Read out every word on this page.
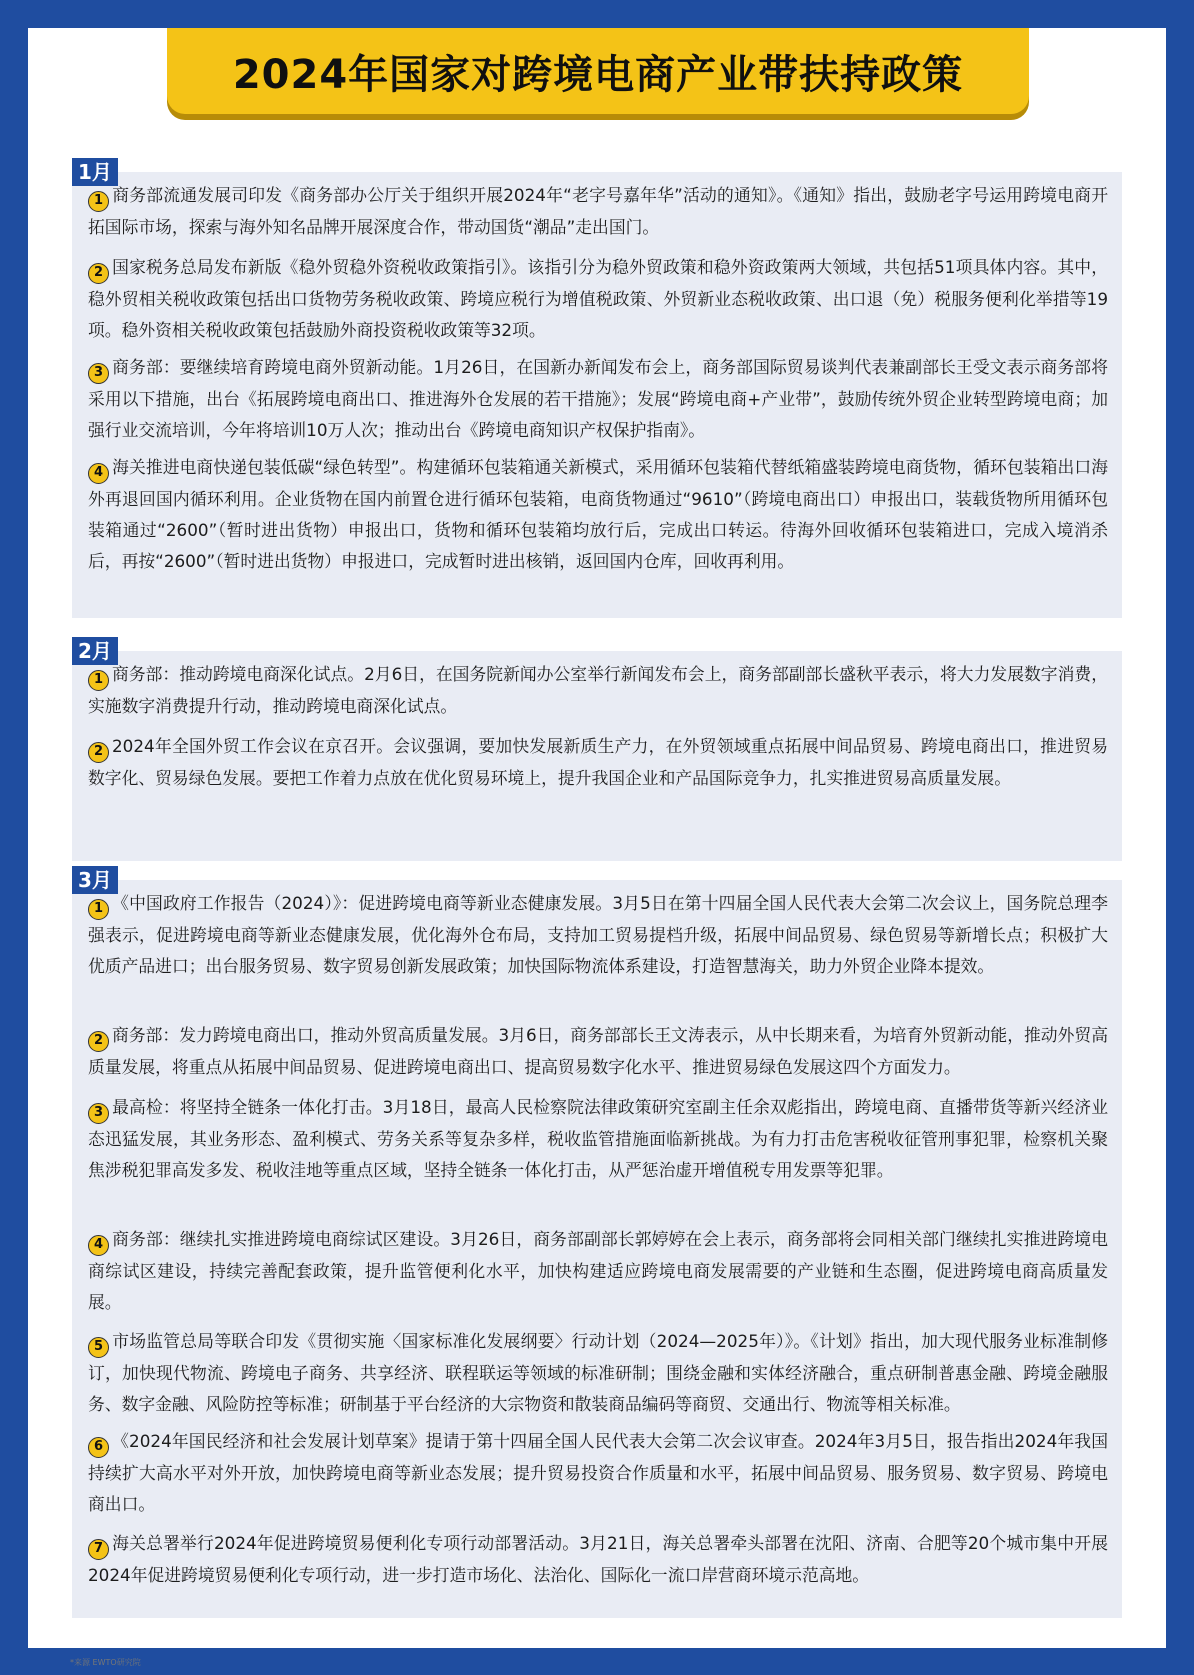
2024年国家对跨境电商产业带扶持政策
1月
1 商务部流通发展司印发《商务部办公厅关于组织开展2024年“老字号嘉年华”活动的通知》。《通知》指出，鼓励老字号运用跨境电商开拓国际市场，探索与海外知名品牌开展深度合作，带动国货“潮品”走出国门。
2 国家税务总局发布新版《稳外贸稳外资税收政策指引》。该指引分为稳外贸政策和稳外资政策两大领域，共包括51项具体内容。其中，稳外贸相关税收政策包括出口货物劳务税收政策、跨境应税行为增值税政策、外贸新业态税收政策、出口退（免）税服务便利化举措等19项。稳外资相关税收政策包括鼓励外商投资税收政策等32项。
3 商务部：要继续培育跨境电商外贸新动能。1月26日，在国新办新闻发布会上，商务部国际贸易谈判代表兼副部长王受文表示商务部将采用以下措施，出台《拓展跨境电商出口、推进海外仓发展的若干措施》；发展“跨境电商+产业带”，鼓励传统外贸企业转型跨境电商；加强行业交流培训，今年将培训10万人次；推动出台《跨境电商知识产权保护指南》。
4 海关推进电商快递包装低碳“绿色转型”。构建循环包装箱通关新模式，采用循环包装箱代替纸箱盛装跨境电商货物，循环包装箱出口海外再退回国内循环利用。企业货物在国内前置仓进行循环包装箱，电商货物通过“9610”（跨境电商出口）申报出口，装载货物所用循环包装箱通过“2600”（暂时进出货物）申报出口，货物和循环包装箱均放行后，完成出口转运。待海外回收循环包装箱进口，完成入境消杀后，再按“2600”（暂时进出货物）申报进口，完成暂时进出核销，返回国内仓库，回收再利用。
2月
1 商务部：推动跨境电商深化试点。2月6日，在国务院新闻办公室举行新闻发布会上，商务部副部长盛秋平表示，将大力发展数字消费，实施数字消费提升行动，推动跨境电商深化试点。
2 2024年全国外贸工作会议在京召开。会议强调，要加快发展新质生产力，在外贸领域重点拓展中间品贸易、跨境电商出口，推进贸易数字化、贸易绿色发展。要把工作着力点放在优化贸易环境上，提升我国企业和产品国际竞争力，扎实推进贸易高质量发展。
3月
1 《中国政府工作报告（2024）》：促进跨境电商等新业态健康发展。3月5日在第十四届全国人民代表大会第二次会议上，国务院总理李强表示，促进跨境电商等新业态健康发展，优化海外仓布局，支持加工贸易提档升级，拓展中间品贸易、绿色贸易等新增长点；积极扩大优质产品进口；出台服务贸易、数字贸易创新发展政策；加快国际物流体系建设，打造智慧海关，助力外贸企业降本提效。
2 商务部：发力跨境电商出口，推动外贸高质量发展。3月6日，商务部部长王文涛表示，从中长期来看，为培育外贸新动能，推动外贸高质量发展，将重点从拓展中间品贸易、促进跨境电商出口、提高贸易数字化水平、推进贸易绿色发展这四个方面发力。
3 最高检：将坚持全链条一体化打击。3月18日，最高人民检察院法律政策研究室副主任余双彪指出，跨境电商、直播带货等新兴经济业态迅猛发展，其业务形态、盈利模式、劳务关系等复杂多样，税收监管措施面临新挑战。为有力打击危害税收征管刑事犯罪，检察机关聚焦涉税犯罪高发多发、税收洼地等重点区域，坚持全链条一体化打击，从严惩治虚开增值税专用发票等犯罪。
4 商务部：继续扎实推进跨境电商综试区建设。3月26日，商务部副部长郭婷婷在会上表示，商务部将会同相关部门继续扎实推进跨境电商综试区建设，持续完善配套政策，提升监管便利化水平，加快构建适应跨境电商发展需要的产业链和生态圈，促进跨境电商高质量发展。
5 市场监管总局等联合印发《贯彻实施〈国家标准化发展纲要〉行动计划（2024—2025年）》。《计划》指出，加大现代服务业标准制修订，加快现代物流、跨境电子商务、共享经济、联程联运等领域的标准研制；围绕金融和实体经济融合，重点研制普惠金融、跨境金融服务、数字金融、风险防控等标准；研制基于平台经济的大宗物资和散装商品编码等商贸、交通出行、物流等相关标准。
6 《2024年国民经济和社会发展计划草案》提请于第十四届全国人民代表大会第二次会议审查。2024年3月5日，报告指出2024年我国持续扩大高水平对外开放，加快跨境电商等新业态发展；提升贸易投资合作质量和水平，拓展中间品贸易、服务贸易、数字贸易、跨境电商出口。
7 海关总署举行2024年促进跨境贸易便利化专项行动部署活动。3月21日，海关总署牵头部署在沈阳、济南、合肥等20个城市集中开展2024年促进跨境贸易便利化专项行动，进一步打造市场化、法治化、国际化一流口岸营商环境示范高地。
*来源 EWTO研究院
